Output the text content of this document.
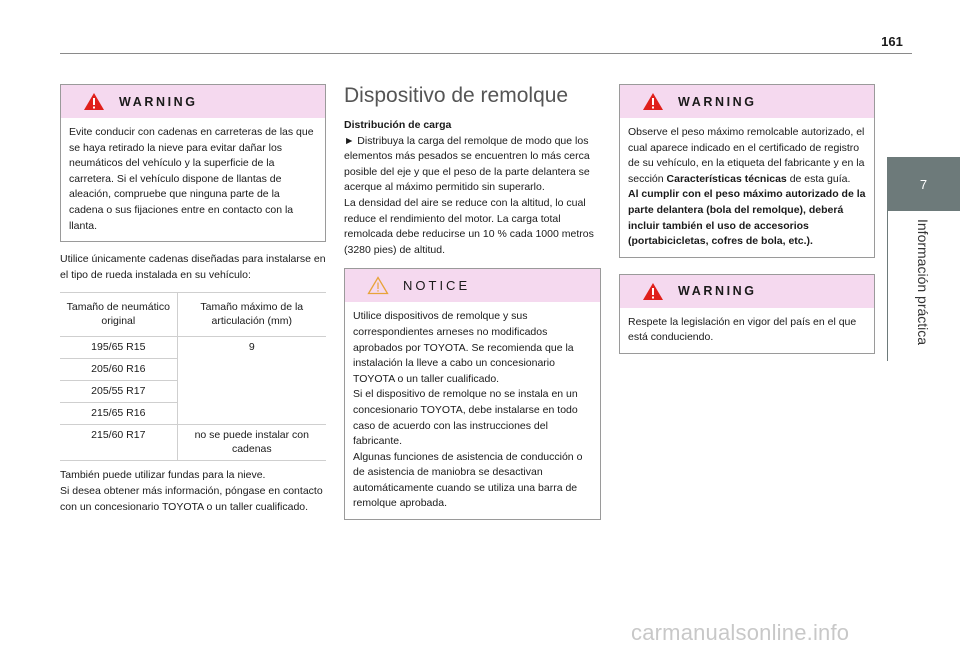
161
WARNING
Evite conducir con cadenas en carreteras de las que se haya retirado la nieve para evitar dañar los neumáticos del vehículo y la superficie de la carretera. Si el vehículo dispone de llantas de aleación, compruebe que ninguna parte de la cadena o sus fijaciones entre en contacto con la llanta.

Utilice únicamente cadenas diseñadas para instalarse en el tipo de rueda instalada en su vehículo:

Tamaño de neumático original	Tamaño máximo de la articulación (mm)
195/65 R15	9
205/60 R16	
205/55 R17	
215/65 R16	
215/60 R17	no se puede instalar con cadenas

También puede utilizar fundas para la nieve.

Si desea obtener más información, póngase en contacto con un concesionario TOYOTA o un taller cualificado.

Dispositivo de remolque
Distribución de carga

► Distribuya la carga del remolque de modo que los elementos más pesados se encuentren lo más cerca posible del eje y que el peso de la parte delantera se acerque al máximo permitido sin superarlo.

La densidad del aire se reduce con la altitud, lo cual reduce el rendimiento del motor. La carga total remolcada debe reducirse un 10 % cada 1000 metros (3280 pies) de altitud.

NOTICE
Utilice dispositivos de remolque y sus correspondientes arneses no modificados aprobados por TOYOTA. Se recomienda que la instalación la lleve a cabo un concesionario TOYOTA o un taller cualificado.
Si el dispositivo de remolque no se instala en un concesionario TOYOTA, debe instalarse en todo caso de acuerdo con las instrucciones del fabricante.
Algunas funciones de asistencia de conducción o de asistencia de maniobra se desactivan automáticamente cuando se utiliza una barra de remolque aprobada.
WARNING
Observe el peso máximo remolcable autorizado, el cual aparece indicado en el certificado de registro de su vehículo, en la etiqueta del fabricante y en la sección Características técnicas de esta guía.
Al cumplir con el peso máximo autorizado de la parte delantera (bola del remolque), deberá incluir también el uso de accesorios (portabicicletas, cofres de bola, etc.).
WARNING
Respete la legislación en vigor del país en el que está conduciendo.
7
Información práctica
carmanualsonline.info
